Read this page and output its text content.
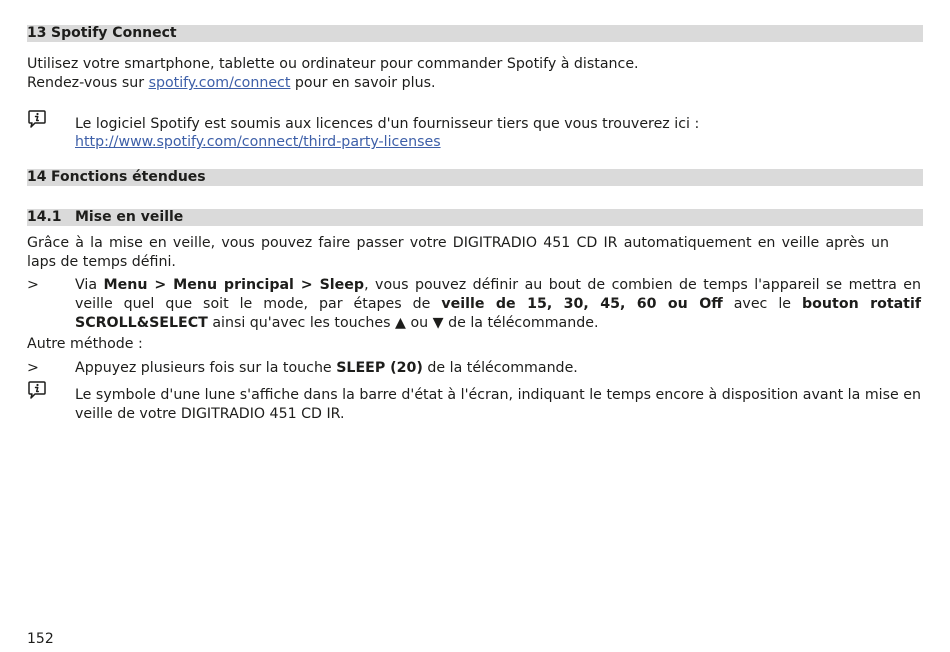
13 Spotify Connect
Utilisez votre smartphone, tablette ou ordinateur pour commander Spotify à distance.
Rendez-vous sur spotify.com/connect pour en savoir plus.
Le logiciel Spotify est soumis aux licences d'un fournisseur tiers que vous trouverez ici :
http://www.spotify.com/connect/third-party-licenses
14 Fonctions étendues
14.1 Mise en veille
Grâce à la mise en veille, vous pouvez faire passer votre DIGITRADIO 451 CD IR automatiquement en veille après un laps de temps défini.
>	Via Menu > Menu principal > Sleep, vous pouvez définir au bout de combien de temps l'appareil se mettra en veille quel que soit le mode, par étapes de veille de 15, 30, 45, 60 ou Off avec le bouton rotatif SCROLL&SELECT ainsi qu'avec les touches ▲ ou ▼ de la télécommande.
Autre méthode :
>	Appuyez plusieurs fois sur la touche SLEEP (20) de la télécommande.
Le symbole d'une lune s'affiche dans la barre d'état à l'écran, indiquant le temps encore à disposition avant la mise en veille de votre DIGITRADIO 451 CD IR.
152
